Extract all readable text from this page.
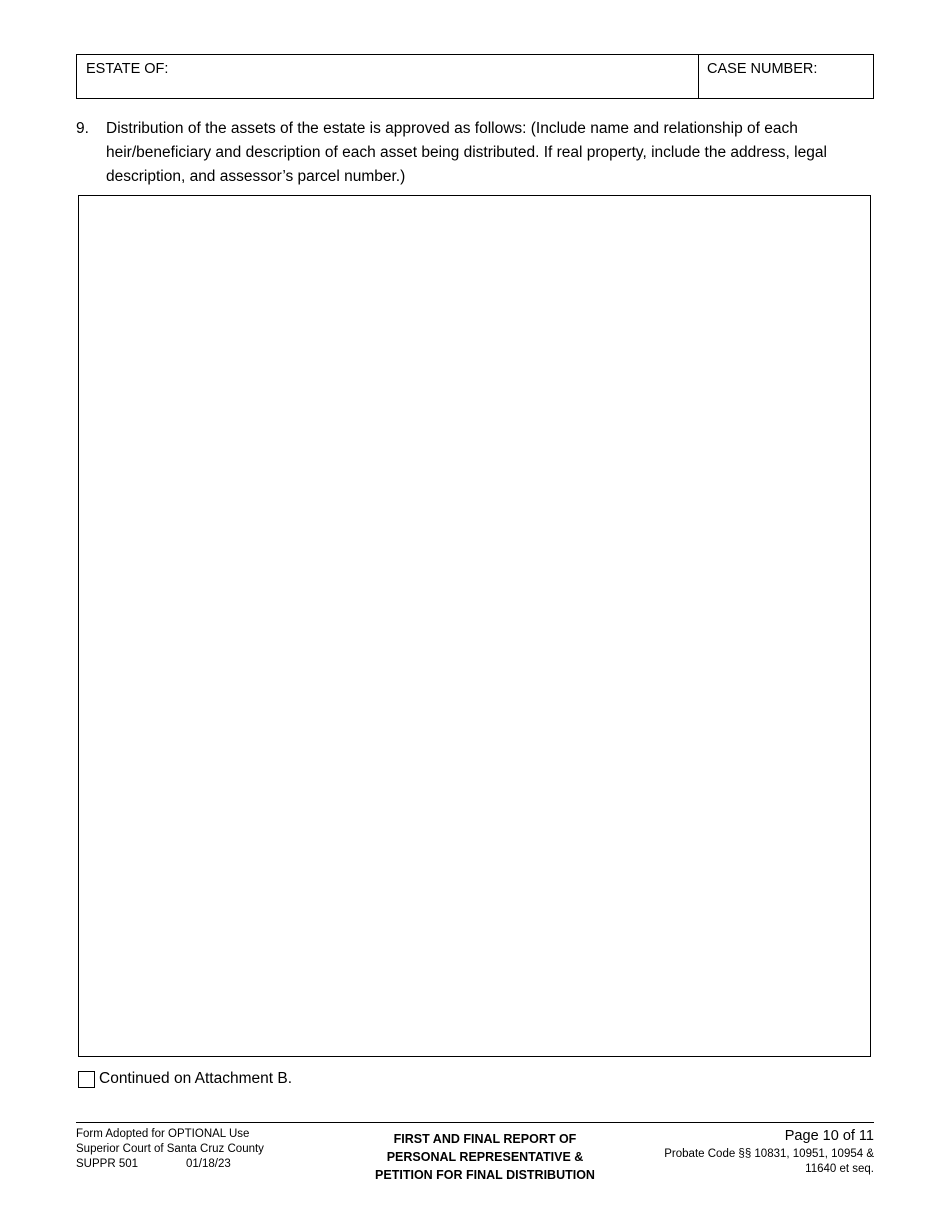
ESTATE OF:	CASE NUMBER:
9.	Distribution of the assets of the estate is approved as follows: (Include name and relationship of each heir/beneficiary and description of each asset being distributed. If real property, include the address, legal description, and assessor’s parcel number.)
Continued on Attachment B.
Form Adopted for OPTIONAL Use
Superior Court of Santa Cruz County
SUPPR 501	01/18/23
FIRST AND FINAL REPORT OF
PERSONAL REPRESENTATIVE &
PETITION FOR FINAL DISTRIBUTION
Page 10 of 11
Probate Code §§ 10831, 10951, 10954 &
11640 et seq.
